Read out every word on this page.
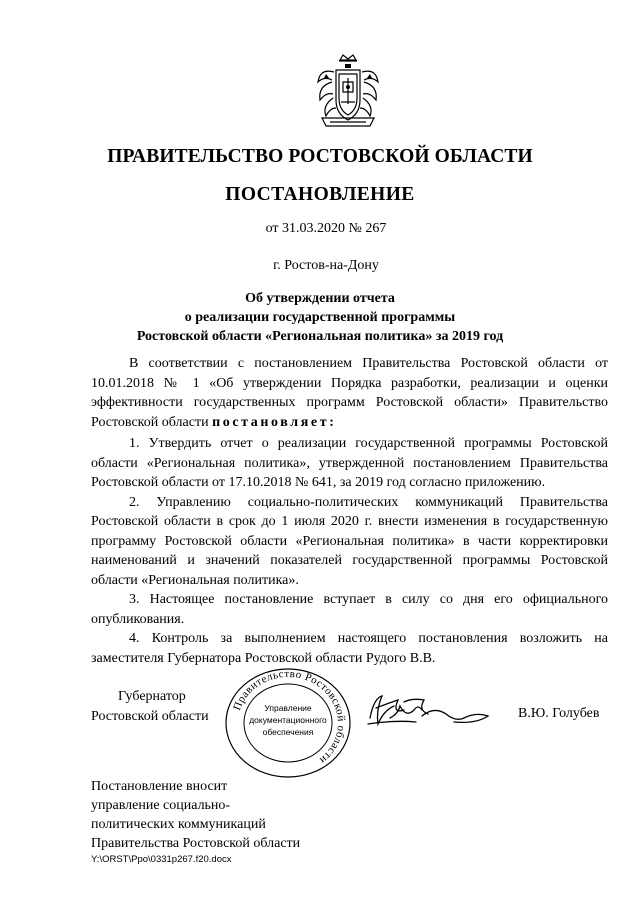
ПРАВИТЕЛЬСТВО РОСТОВСКОЙ ОБЛАСТИ
ПОСТАНОВЛЕНИЕ
от 31.03.2020 № 267
г. Ростов-на-Дону
Об утверждении отчета
о реализации государственной программы
Ростовской области «Региональная политика» за 2019 год
В соответствии с постановлением Правительства Ростовской области от 10.01.2018 № 1 «Об утверждении Порядка разработки, реализации и оценки эффективности государственных программ Ростовской области» Правительство Ростовской области постановляет:

1. Утвердить отчет о реализации государственной программы Ростовской области «Региональная политика», утвержденной постановлением Правительства Ростовской области от 17.10.2018 № 641, за 2019 год согласно приложению.

2. Управлению социально-политических коммуникаций Правительства Ростовской области в срок до 1 июля 2020 г. внести изменения в государственную программу Ростовской области «Региональная политика» в части корректировки наименований и значений показателей государственной программы Ростовской области «Региональная политика».

3. Настоящее постановление вступает в силу со дня его официального опубликования.

4. Контроль за выполнением настоящего постановления возложить на заместителя Губернатора Ростовской области Рудого В.В.

Губернатор
Ростовской области
Правительство Ростовской области
Управление
документационного
обеспечения
В.Ю. Голубев
Постановление вносит
управление социально-
политических коммуникаций
Правительства Ростовской области
Y:\ORST\Ppo\0331p267.f20.docx
